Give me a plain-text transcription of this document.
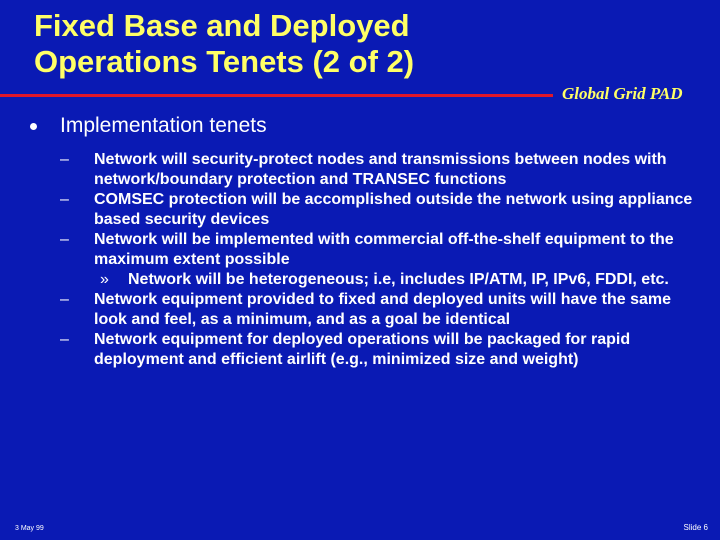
Fixed Base and Deployed
Operations Tenets (2 of 2)
Global Grid PAD
Implementation tenets
–	Network will security-protect nodes and transmissions between nodes with network/boundary protection and TRANSEC functions
–	COMSEC protection will be accomplished outside the network using appliance based security devices
–	Network will be implemented with commercial off-the-shelf equipment to the maximum extent possible
»	Network will be heterogeneous; i.e, includes IP/ATM, IP, IPv6, FDDI, etc.
–	Network equipment provided to fixed and deployed units will have the same look and feel, as a minimum, and as a goal be identical
–	Network equipment for deployed operations will be packaged for rapid deployment and efficient airlift (e.g., minimized size and weight)
3 May 99	Slide 6
